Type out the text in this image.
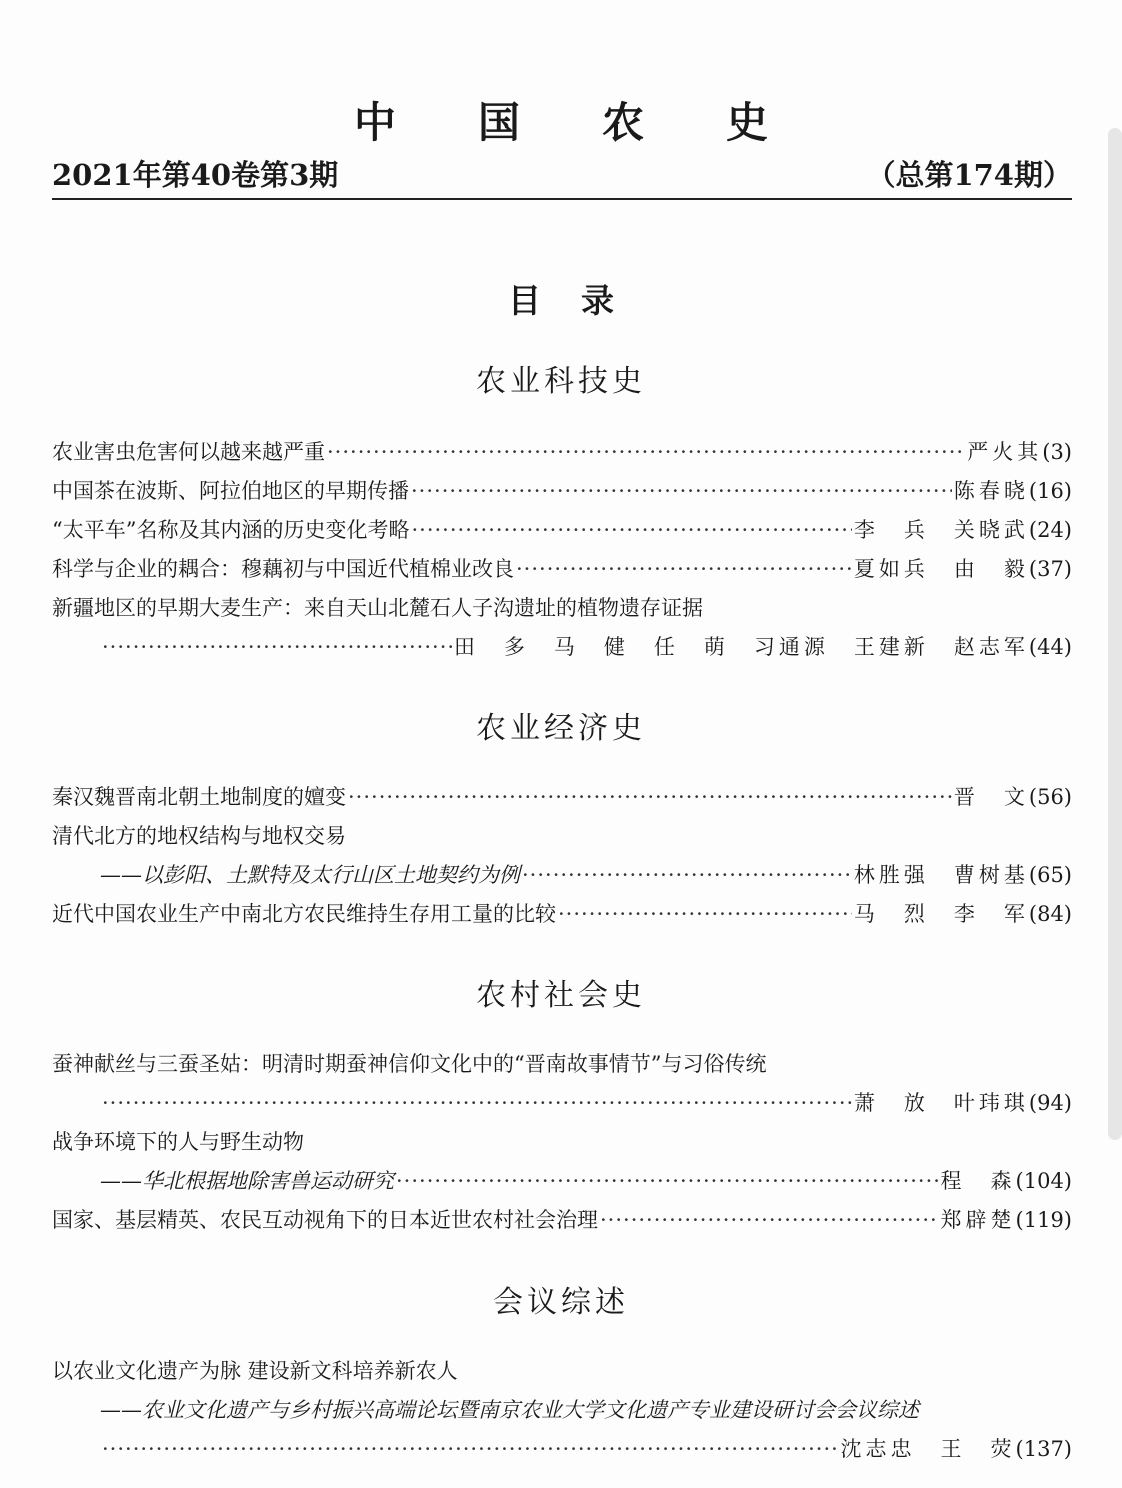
中国农史
2021年第40卷第3期	（总第174期）
目录
农业科技史
农业害虫危害何以越来越严重 ·····	严火其 (3)
中国茶在波斯、阿拉伯地区的早期传播 ·····	陈春晓 (16)
“太平车”名称及其内涵的历史变化考略 ·····	李　兵　关晓武 (24)
科学与企业的耦合：穆藕初与中国近代植棉业改良 ·····	夏如兵　由　毅 (37)
新疆地区的早期大麦生产：来自天山北麓石人子沟遗址的植物遗存证据
·····
田　多　马　健　任　萌　习通源　王建新　赵志军 (44)
农业经济史
秦汉魏晋南北朝土地制度的嬗变 ·····	晋　文 (56)
清代北方的地权结构与地权交易
——以彭阳、土默特及太行山区土地契约为例 ·····	林胜强　曹树基 (65)
近代中国农业生产中南北方农民维持生存用工量的比较 ·····	马　烈　李　军 (84)
农村社会史
蚕神献丝与三蚕圣姑：明清时期蚕神信仰文化中的“晋南故事情节”与习俗传统
·····
萧　放　叶玮琪 (94)
战争环境下的人与野生动物
——华北根据地除害兽运动研究 ·····	程　森 (104)
国家、基层精英、农民互动视角下的日本近世农村社会治理 ·····	郑辟楚 (119)
会议综述
以农业文化遗产为脉 建设新文科培养新农人
——农业文化遗产与乡村振兴高端论坛暨南京农业大学文化遗产专业建设研讨会会议综述
·····
沈志忠　王　荧 (137)
